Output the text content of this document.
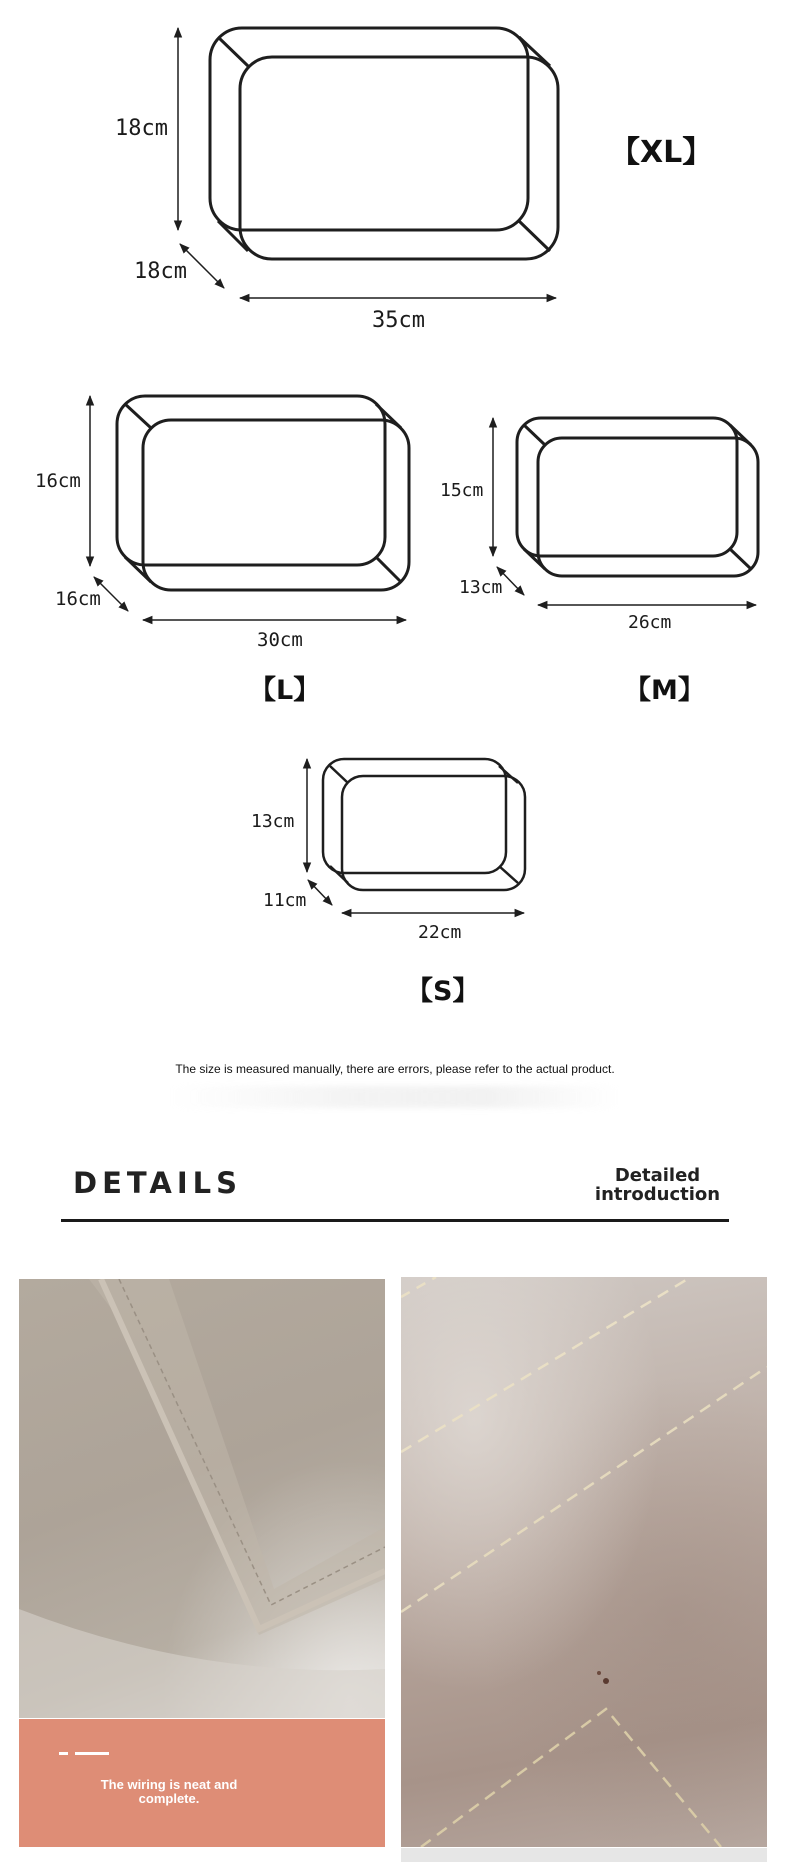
18cm
18cm
35cm
【XL】
16cm
16cm
30cm
【L】
15cm
13cm
26cm
【M】
13cm
11cm
22cm
【S】
The size is measured manually, there are errors, please refer to the actual product.
DETAILS	Detailed
introduction
The wiring is neat and complete.
